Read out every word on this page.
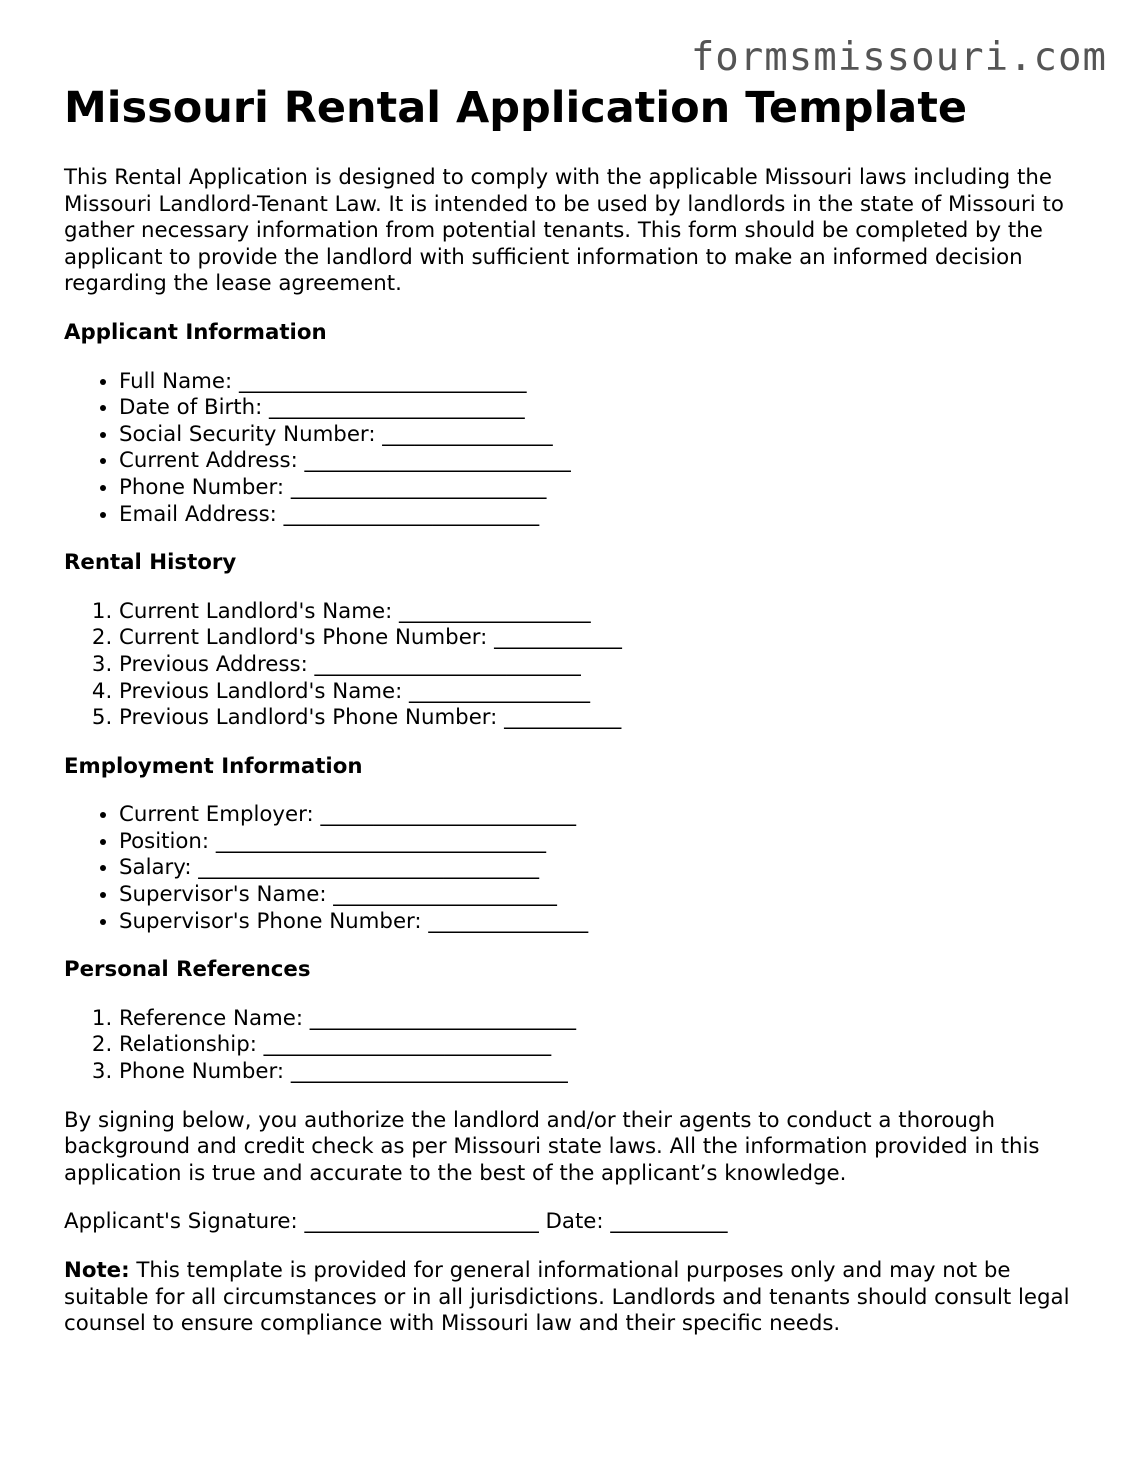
formsmissouri.com
Missouri Rental Application Template

This Rental Application is designed to comply with the applicable Missouri laws including the Missouri Landlord-Tenant Law. It is intended to be used by landlords in the state of Missouri to gather necessary information from potential tenants. This form should be completed by the applicant to provide the landlord with sufficient information to make an informed decision regarding the lease agreement.

Applicant Information
• Full Name: ___________________________
• Date of Birth: ________________________
• Social Security Number: ________________
• Current Address: _________________________
• Phone Number: ________________________
• Email Address: ________________________
Rental History
1. Current Landlord's Name: __________________
2. Current Landlord's Phone Number: ____________
3. Previous Address: _________________________
4. Previous Landlord's Name: _________________
5. Previous Landlord's Phone Number: ___________
Employment Information
• Current Employer: ________________________
• Position: _______________________________
• Salary: ________________________________
• Supervisor's Name: _____________________
• Supervisor's Phone Number: _______________
Personal References
1. Reference Name: _________________________
2. Relationship: ___________________________
3. Phone Number: __________________________

By signing below, you authorize the landlord and/or their agents to conduct a thorough background and credit check as per Missouri state laws. All the information provided in this application is true and accurate to the best of the applicant’s knowledge.

Applicant's Signature: ______________________ Date: ___________

Note: This template is provided for general informational purposes only and may not be suitable for all circumstances or in all jurisdictions. Landlords and tenants should consult legal counsel to ensure compliance with Missouri law and their specific needs.
